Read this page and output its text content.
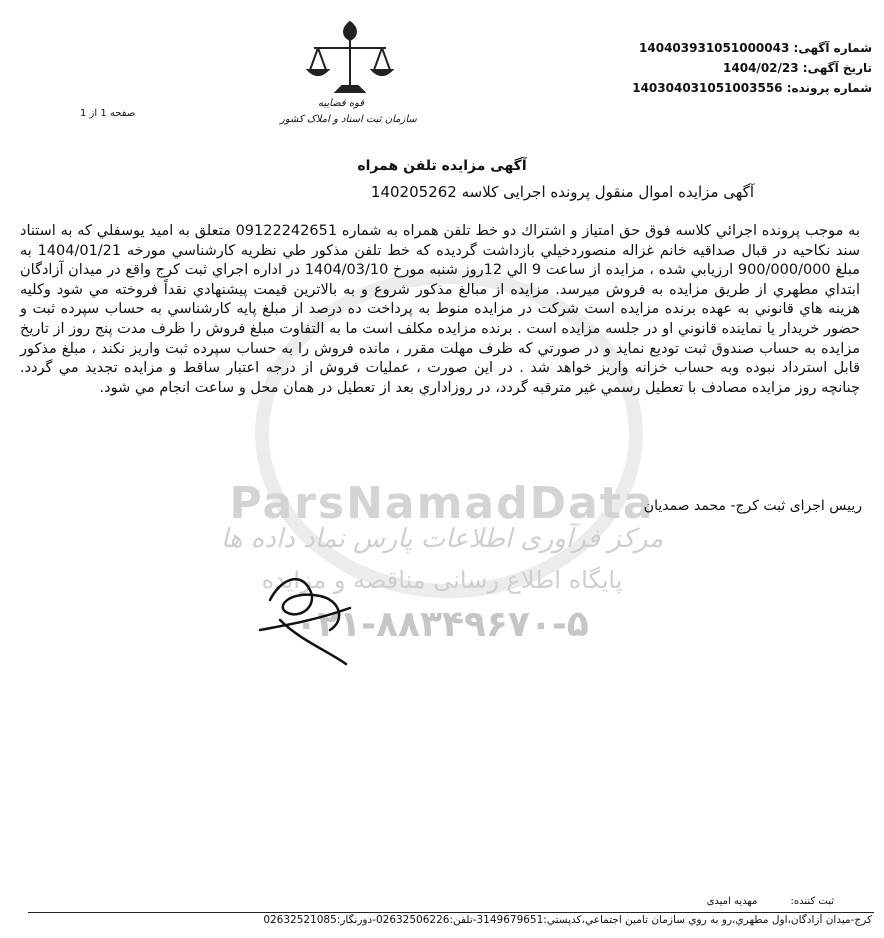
ParsNamadData
مرکز فرآوری اطلاعات پارس نماد داده ها
پایگاه اطلاع رسانی مناقصه و مزایده
۰۲۱-۸۸۳۴۹۶۷۰-۵
شماره آگهی: 140403931051000043
تاریخ آگهی: 1404/02/23
شماره پرونده: 140304031051003556
صفحه 1 از 1
قوه قضاییه
سازمان ثبت اسناد و املاک کشور
آگهی مزایده تلفن همراه
آگهی مزایده اموال منقول پرونده اجرایی کلاسه 140205262
به موجب پرونده اجرائي كلاسه فوق حق امتياز و اشتراك دو خط تلفن همراه به شماره 09122242651 متعلق به اميد يوسفلي كه به استناد سند نكاحيه در قبال صداقيه خانم غزاله منصوردخيلي بازداشت گرديده كه خط تلفن مذكور طي نظريه كارشناسي مورخه 1404/01/21 به مبلغ 900/000/000 ارزيابي شده ، مزايده از ساعت 9 الي 12روز شنبه مورخ 1404/03/10 در اداره اجراي ثبت كرج واقع در ميدان آزادگان ابتداي مطهري از طريق مزايده به فروش ميرسد. مزايده از مبالغ مذكور شروع و به بالاترين قيمت پيشنهادي نقداً فروخته مي شود وكليه هزينه هاي قانوني به عهده برنده مزايده است شركت در مزايده منوط به پرداخت ده درصد از مبلغ پايه كارشناسي به حساب سپرده ثبت و حضور خريدار يا نماينده قانوني او در جلسه مزايده است . برنده مزايده مكلف است ما به التفاوت مبلغ فروش را ظرف مدت پنج روز از تاريخ مزايده به حساب صندوق ثبت توديع نمايد و در صورتي كه ظرف مهلت مقرر ، مانده فروش را به حساب سپرده ثبت واريز نكند ، مبلغ مذكور قابل استرداد نبوده وبه حساب خزانه واريز خواهد شد . در اين صورت ، عمليات فروش از درجه اعتبار ساقط و مزايده تجديد مي گردد. چنانچه روز مزايده مصادف با تعطيل رسمي غير مترقبه گردد، در روزاداري بعد از تعطيل در همان محل و ساعت انجام مي شود.
رییس اجرای ثبت کرج- محمد صمدیان
ثبت کننده: مهدیه امیدی
کرج-ميدان آزادگان،اول مطهري،رو به روي سازمان تامين اجتماعي،كدپستي:3149679651-تلفن:02632506226-دورنگار:02632521085
